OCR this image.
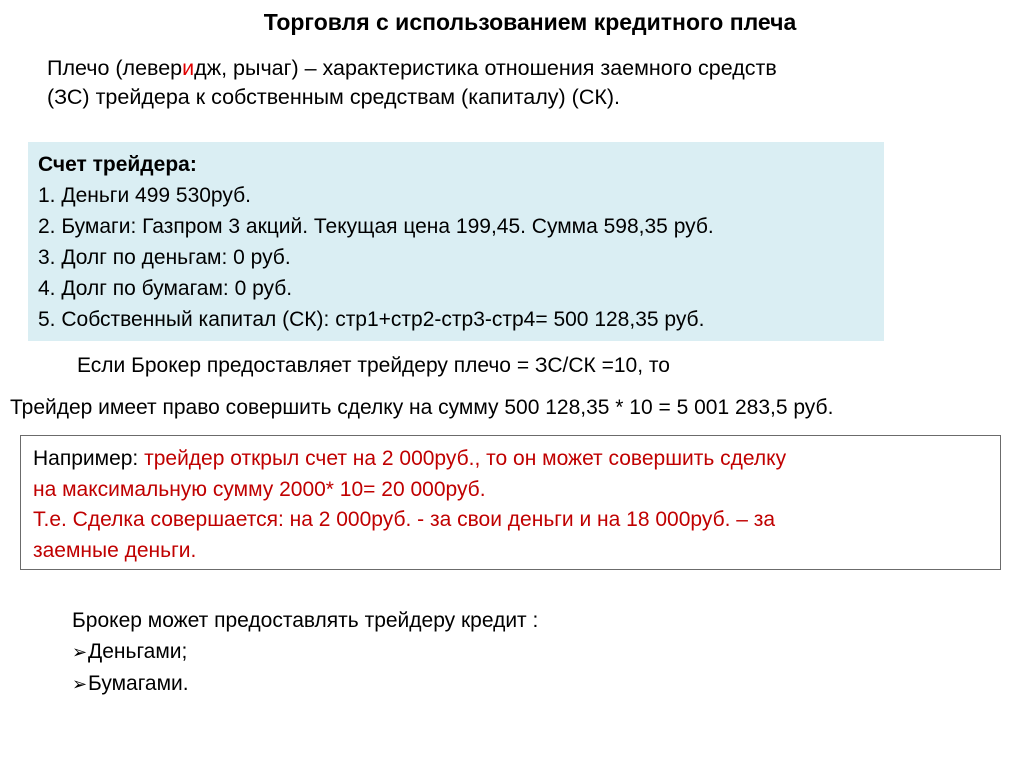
Торговля с использованием кредитного плеча
Плечо (леверидж, рычаг) – характеристика отношения заемного средств
(ЗС) трейдера к собственным средствам (капиталу) (СК).
Счет трейдера:
1. Деньги 499 530руб.
2. Бумаги: Газпром 3 акций. Текущая цена 199,45. Сумма 598,35 руб.
3. Долг по деньгам: 0 руб.
4. Долг по бумагам: 0 руб.
5. Собственный капитал (СК): стр1+стр2-стр3-стр4= 500 128,35 руб.
Если Брокер предоставляет трейдеру плечо = ЗС/СК =10, то
Трейдер имеет право совершить сделку на сумму 500 128,35 * 10 = 5 001 283,5 руб.
Например: трейдер открыл счет на 2 000руб., то он может совершить сделку
на максимальную сумму 2000* 10= 20 000руб.
Т.е. Сделка совершается: на 2 000руб. - за свои деньги и на 18 000руб. – за
заемные деньги.
Брокер может предоставлять трейдеру кредит :
➢Деньгами;
➢Бумагами.
